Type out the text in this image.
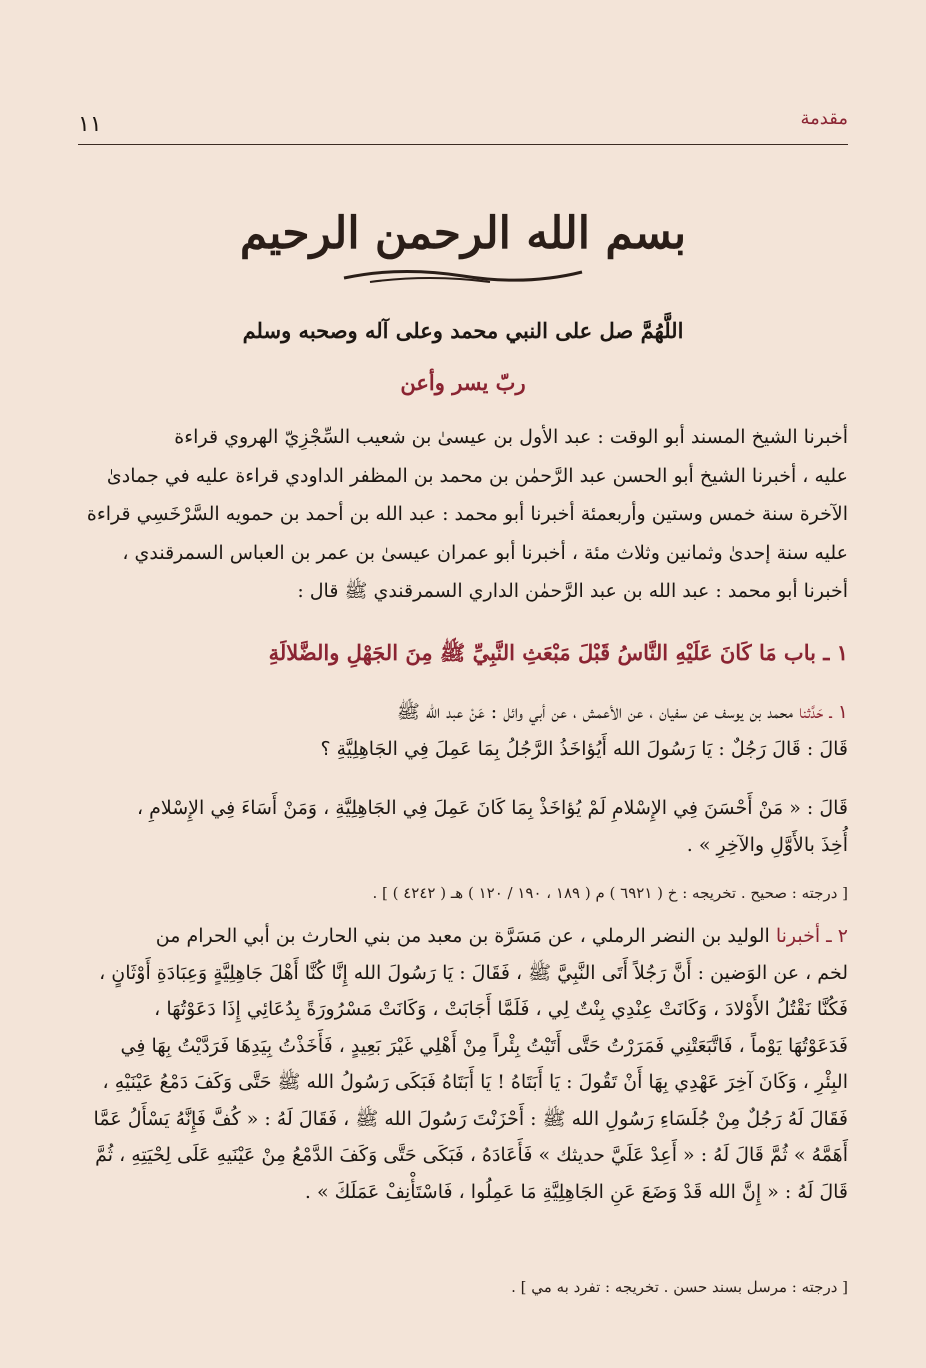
مقدمة
١١
بسم الله الرحمن الرحيم
اللَّهُمَّ صل على النبي محمد وعلى آله وصحبه وسلم
ربّ يسر وأعن

أخبرنا الشيخ المسند أبو الوقت : عبد الأول بن عيسىٰ بن شعيب السِّجْزِيّ الهروي قراءة

عليه ، أخبرنا الشيخ أبو الحسن عبد الرَّحمٰن بن محمد بن المظفر الداودي قراءة عليه في جمادىٰ

الآخرة سنة خمس وستين وأربعمئة أخبرنا أبو محمد : عبد الله بن أحمد بن حمويه السَّرْخَسِي قراءة

عليه سنة إحدىٰ وثمانين وثلاث مئة ، أخبرنا أبو عمران عيسىٰ بن عمر بن العباس السمرقندي ،

أخبرنا أبو محمد : عبد الله بن عبد الرَّحمٰن الداري السمرقندي ﷺ قال :

١ ـ باب مَا كَانَ عَلَيْهِ النَّاسُ قَبْلَ مَبْعَثِ النَّبِيِّ ﷺ مِنَ الجَهْلِ والضَّلالَةِ

١ ـ حَدَّثنا محمد بن يوسف عن سفيان ، عن الأعمش ، عن أبي وائل : عَنْ عبد الله ﷺ

قَالَ : قَالَ رَجُلٌ : يَا رَسُولَ الله أَيُؤاخَذُ الرَّجُلُ بِمَا عَمِلَ فِي الجَاهِلِيَّةِ ؟

قَالَ : « مَنْ أَحْسَنَ فِي الإِسْلامِ لَمْ يُؤاخَذْ بِمَا كَانَ عَمِلَ فِي الجَاهِلِيَّةِ ، وَمَنْ أَسَاءَ فِي الإِسْلامِ ،

أُخِذَ بالأَوَّلِ والآخِرِ » .

[ درجته : صحيح . تخريجه : خ ( ٦٩٢١ ) م ( ١٨٩ ، ١٩٠ / ١٢٠ ) هـ ( ٤٢٤٢ ) ] .

٢ ـ أخبرنا الوليد بن النضر الرملي ، عن مَسَرَّة بن معبد من بني الحارث بن أبي الحرام من

لخم ، عن الوَضين : أَنَّ رَجُلاً أَتَى النَّبِيَّ ﷺ ، فَقَالَ : يَا رَسُولَ الله إِنَّا كُنَّا أَهْلَ جَاهِلِيَّةٍ وَعِبَادَةِ أَوْثَانٍ ،

فَكُنَّا نَقْتُلُ الأَوْلادَ ، وَكَانَتْ عِنْدِي بِنْتٌ لِي ، فَلَمَّا أَجَابَتْ ، وَكَانَتْ مَسْرُورَةً بِدُعَائِي إِذَا دَعَوْتُهَا ،

فَدَعَوْتُهَا يَوْماً ، فَاتَّبَعَتْنِي فَمَرَرْتُ حَتَّى أَتَيْتُ بِئْراً مِنْ أَهْلِي غَيْرَ بَعِيدٍ ، فَأَخَذْتُ بِيَدِهَا فَرَدَّيْتُ بِهَا فِي

البِئْرِ ، وَكَانَ آخِرَ عَهْدِي بِهَا أَنْ تَقُولَ : يَا أَبَتَاهُ ! يَا أَبَتَاهُ فَبَكَى رَسُولُ الله ﷺ حَتَّى وَكَفَ دَمْعُ عَيْنَيْهِ ،

فَقَالَ لَهُ رَجُلٌ مِنْ جُلَسَاءِ رَسُولِ الله ﷺ : أَحْزَنْتَ رَسُولَ الله ﷺ ، فَقَالَ لَهُ : « كُفَّ فَإِنَّهُ يَسْأَلُ عَمَّا

أَهَمَّهُ » ثُمَّ قَالَ لَهُ : « أَعِدْ عَلَيَّ حديثك » فَأَعَادَهُ ، فَبَكَى حَتَّى وَكَفَ الدَّمْعُ مِنْ عَيْنَيهِ عَلَى لِحْيَتِهِ ، ثُمَّ

قَالَ لَهُ : « إِنَّ الله قَدْ وَضَعَ عَنِ الجَاهِلِيَّةِ مَا عَمِلُوا ، فَاسْتَأْنِفْ عَمَلَكَ » .

[ درجته : مرسل بسند حسن . تخريجه : تفرد به مي ] .
